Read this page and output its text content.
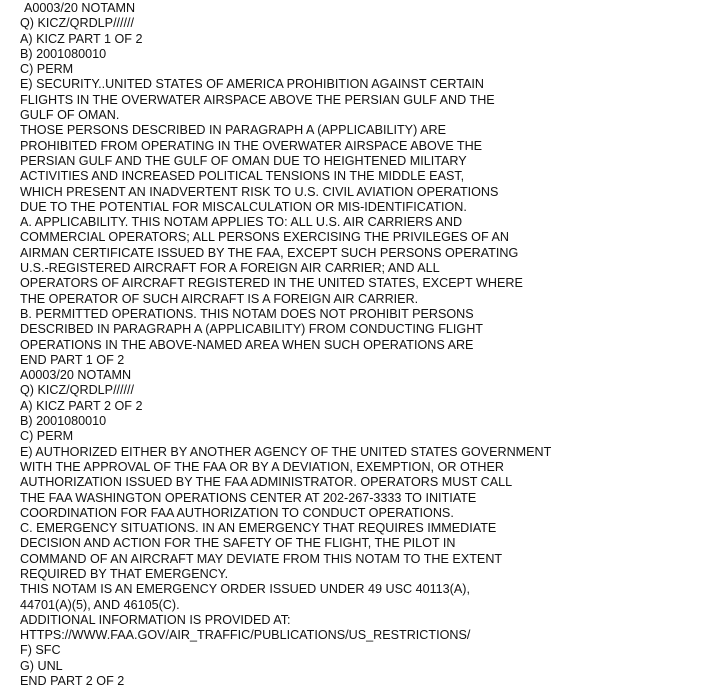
A0003/20 NOTAMN
Q) KICZ/QRDLP//////
A) KICZ PART 1 OF 2
B) 2001080010
C) PERM
E) SECURITY..UNITED STATES OF AMERICA PROHIBITION AGAINST CERTAIN
FLIGHTS IN THE OVERWATER AIRSPACE ABOVE THE PERSIAN GULF AND THE
GULF OF OMAN.
THOSE PERSONS DESCRIBED IN PARAGRAPH A (APPLICABILITY) ARE
PROHIBITED FROM OPERATING IN THE OVERWATER AIRSPACE ABOVE THE
PERSIAN GULF AND THE GULF OF OMAN DUE TO HEIGHTENED MILITARY
ACTIVITIES AND INCREASED POLITICAL TENSIONS IN THE MIDDLE EAST,
WHICH PRESENT AN INADVERTENT RISK TO U.S. CIVIL AVIATION OPERATIONS
DUE TO THE POTENTIAL FOR MISCALCULATION OR MIS-IDENTIFICATION.
A. APPLICABILITY. THIS NOTAM APPLIES TO: ALL U.S. AIR CARRIERS AND
COMMERCIAL OPERATORS; ALL PERSONS EXERCISING THE PRIVILEGES OF AN
AIRMAN CERTIFICATE ISSUED BY THE FAA, EXCEPT SUCH PERSONS OPERATING
U.S.-REGISTERED AIRCRAFT FOR A FOREIGN AIR CARRIER; AND ALL
OPERATORS OF AIRCRAFT REGISTERED IN THE UNITED STATES, EXCEPT WHERE
THE OPERATOR OF SUCH AIRCRAFT IS A FOREIGN AIR CARRIER.
B. PERMITTED OPERATIONS. THIS NOTAM DOES NOT PROHIBIT PERSONS
DESCRIBED IN PARAGRAPH A (APPLICABILITY) FROM CONDUCTING FLIGHT
OPERATIONS IN THE ABOVE-NAMED AREA WHEN SUCH OPERATIONS ARE
END PART 1 OF 2
A0003/20 NOTAMN
Q) KICZ/QRDLP//////
A) KICZ PART 2 OF 2
B) 2001080010
C) PERM
E) AUTHORIZED EITHER BY ANOTHER AGENCY OF THE UNITED STATES GOVERNMENT
WITH THE APPROVAL OF THE FAA OR BY A DEVIATION, EXEMPTION, OR OTHER
AUTHORIZATION ISSUED BY THE FAA ADMINISTRATOR. OPERATORS MUST CALL
THE FAA WASHINGTON OPERATIONS CENTER AT 202-267-3333 TO INITIATE
COORDINATION FOR FAA AUTHORIZATION TO CONDUCT OPERATIONS.
C. EMERGENCY SITUATIONS. IN AN EMERGENCY THAT REQUIRES IMMEDIATE
DECISION AND ACTION FOR THE SAFETY OF THE FLIGHT, THE PILOT IN
COMMAND OF AN AIRCRAFT MAY DEVIATE FROM THIS NOTAM TO THE EXTENT
REQUIRED BY THAT EMERGENCY.
THIS NOTAM IS AN EMERGENCY ORDER ISSUED UNDER 49 USC 40113(A),
44701(A)(5), AND 46105(C).
ADDITIONAL INFORMATION IS PROVIDED AT:
HTTPS://WWW.FAA.GOV/AIR_TRAFFIC/PUBLICATIONS/US_RESTRICTIONS/
F) SFC
G) UNL
END PART 2 OF 2
